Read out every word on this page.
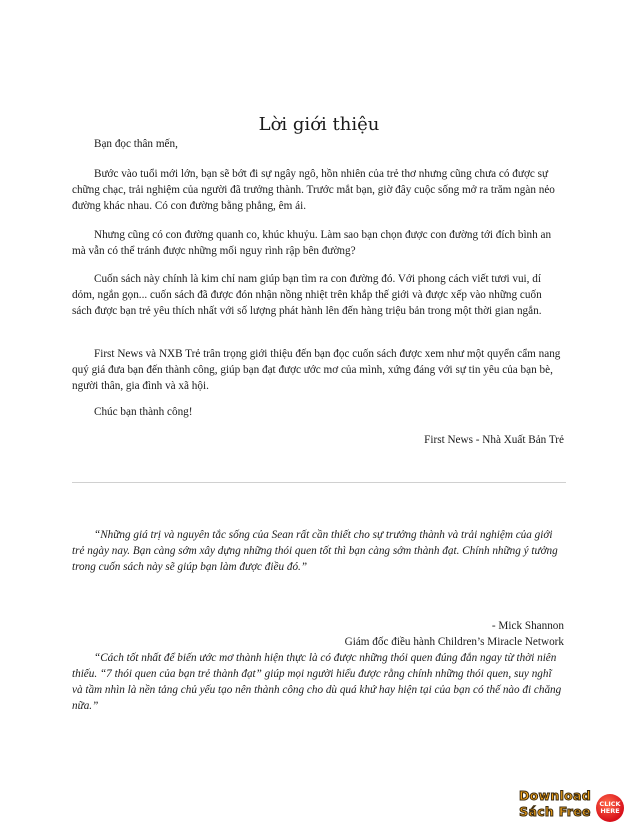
Lời giới thiệu

Bạn đọc thân mến,

Bước vào tuổi mới lớn, bạn sẽ bớt đi sự ngây ngô, hồn nhiên của trẻ thơ nhưng cũng chưa có được sự chững chạc, trải nghiệm của người đã trưởng thành. Trước mắt bạn, giờ đây cuộc sống mở ra trăm ngàn nẻo đường khác nhau. Có con đường bằng phẳng, êm ái.

Nhưng cũng có con đường quanh co, khúc khuỷu. Làm sao bạn chọn được con đường tới đích bình an mà vẫn có thể tránh được những mối nguy rình rập bên đường?

Cuốn sách này chính là kim chỉ nam giúp bạn tìm ra con đường đó. Với phong cách viết tươi vui, dí dỏm, ngắn gọn... cuốn sách đã được đón nhận nồng nhiệt trên khắp thế giới và được xếp vào những cuốn sách được bạn trẻ yêu thích nhất với số lượng phát hành lên đến hàng triệu bản trong một thời gian ngắn.

First News và NXB Trẻ trân trọng giới thiệu đến bạn đọc cuốn sách được xem như một quyển cẩm nang quý giá đưa bạn đến thành công, giúp bạn đạt được ước mơ của mình, xứng đáng với sự tin yêu của bạn bè, người thân, gia đình và xã hội.

Chúc bạn thành công!

First News - Nhà Xuất Bản Trẻ

“Những giá trị và nguyên tắc sống của Sean rất cần thiết cho sự trưởng thành và trải nghiệm của giới trẻ ngày nay. Bạn càng sớm xây dựng những thói quen tốt thì bạn càng sớm thành đạt. Chính những ý tưởng trong cuốn sách này sẽ giúp bạn làm được điều đó.”

- Mick Shannon
Giám đốc điều hành Children’s Miracle Network

“Cách tốt nhất để biến ước mơ thành hiện thực là có được những thói quen đúng đắn ngay từ thời niên thiếu. “7 thói quen của bạn trẻ thành đạt” giúp mọi người hiểu được rằng chính những thói quen, suy nghĩ và tầm nhìn là nền tảng chủ yếu tạo nên thành công cho dù quá khứ hay hiện tại của bạn có thế nào đi chăng nữa.”

Download
Sách Free	CLICK
HERE
